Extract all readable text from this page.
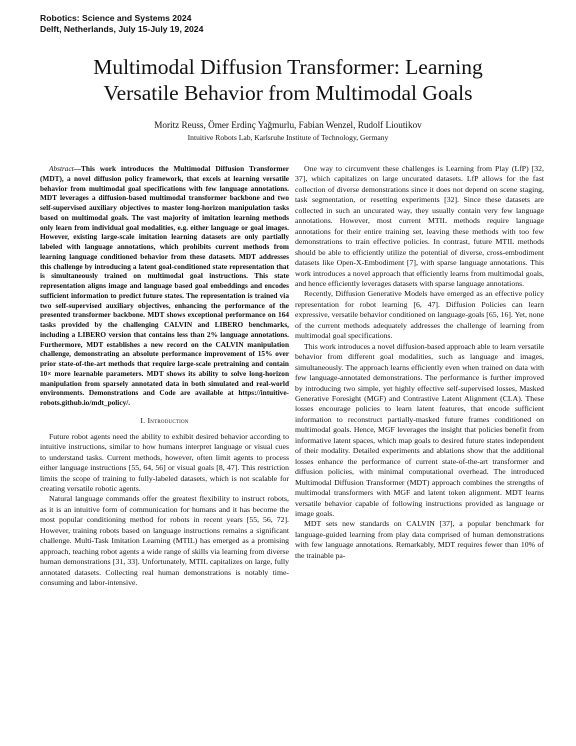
Robotics: Science and Systems 2024
Delft, Netherlands, July 15-July 19, 2024
Multimodal Diffusion Transformer: Learning
Versatile Behavior from Multimodal Goals
Moritz Reuss, Ömer Erdinç Yağmurlu, Fabian Wenzel, Rudolf Lioutikov
Intuitive Robots Lab, Karlsruhe Institute of Technology, Germany

Abstract—This work introduces the Multimodal Diffusion Transformer (MDT), a novel diffusion policy framework, that excels at learning versatile behavior from multimodal goal specifications with few language annotations. MDT leverages a diffusion-based multimodal transformer backbone and two self-supervised auxiliary objectives to master long-horizon manipulation tasks based on multimodal goals. The vast majority of imitation learning methods only learn from individual goal modalities, e.g. either language or goal images. However, existing large-scale imitation learning datasets are only partially labeled with language annotations, which prohibits current methods from learning language conditioned behavior from these datasets. MDT addresses this challenge by introducing a latent goal-conditioned state representation that is simultaneously trained on multimodal goal instructions. This state representation aligns image and language based goal embeddings and encodes sufficient information to predict future states. The representation is trained via two self-supervised auxiliary objectives, enhancing the performance of the presented transformer backbone. MDT shows exceptional performance on 164 tasks provided by the challenging CALVIN and LIBERO benchmarks, including a LIBERO version that contains less than 2% language annotations. Furthermore, MDT establishes a new record on the CALVIN manipulation challenge, demonstrating an absolute performance improvement of 15% over prior state-of-the-art methods that require large-scale pretraining and contain 10× more learnable parameters. MDT shows its ability to solve long-horizon manipulation from sparsely annotated data in both simulated and real-world environments. Demonstrations and Code are available at https://intuitive-robots.github.io/mdt_policy/.

I. Introduction

Future robot agents need the ability to exhibit desired behavior according to intuitive instructions, similar to how humans interpret language or visual cues to understand tasks. Current methods, however, often limit agents to process either language instructions [55, 64, 56] or visual goals [8, 47]. This restriction limits the scope of training to fully-labeled datasets, which is not scalable for creating versatile robotic agents.

Natural language commands offer the greatest flexibility to instruct robots, as it is an intuitive form of communication for humans and it has become the most popular conditioning method for robots in recent years [55, 56, 72]. However, training robots based on language instructions remains a significant challenge. Multi-Task Imitation Learning (MTIL) has emerged as a promising approach, teaching robot agents a wide range of skills via learning from diverse human demonstrations [31, 33]. Unfortunately, MTIL capitalizes on large, fully annotated datasets. Collecting real human demonstrations is notably time-consuming and labor-intensive.

One way to circumvent these challenges is Learning from Play (LfP) [32, 37], which capitalizes on large uncurated datasets. LfP allows for the fast collection of diverse demonstrations since it does not depend on scene staging, task segmentation, or resetting experiments [32]. Since these datasets are collected in such an uncurated way, they usually contain very few language annotations. However, most current MTIL methods require language annotations for their entire training set, leaving these methods with too few demonstrations to train effective policies. In contrast, future MTIL methods should be able to efficiently utilize the potential of diverse, cross-embodiment datasets like Open-X-Embodiment [7], with sparse language annotations. This work introduces a novel approach that efficiently learns from multimodal goals, and hence efficiently leverages datasets with sparse language annotations.

Recently, Diffusion Generative Models have emerged as an effective policy representation for robot learning [6, 47]. Diffusion Policies can learn expressive, versatile behavior conditioned on language-goals [65, 16]. Yet, none of the current methods adequately addresses the challenge of learning from multimodal goal specifications.

This work introduces a novel diffusion-based approach able to learn versatile behavior from different goal modalities, such as language and images, simultaneously. The approach learns efficiently even when trained on data with few language-annotated demonstrations. The performance is further improved by introducing two simple, yet highly effective self-supervised losses, Masked Generative Foresight (MGF) and Contrastive Latent Alignment (CLA). These losses encourage policies to learn latent features, that encode sufficient information to reconstruct partially-masked future frames conditioned on multimodal goals. Hence, MGF leverages the insight that policies benefit from informative latent spaces, which map goals to desired future states independent of their modality. Detailed experiments and ablations show that the additional losses enhance the performance of current state-of-the-art transformer and diffusion policies, with minimal computational overhead. The introduced Multimodal Diffusion Transformer (MDT) approach combines the strengths of multimodal transformers with MGF and latent token alignment. MDT learns versatile behavior capable of following instructions provided as language or image goals.

MDT sets new standards on CALVIN [37], a popular benchmark for language-guided learning from play data comprised of human demonstrations with few language annotations. Remarkably, MDT requires fewer than 10% of the trainable pa-
